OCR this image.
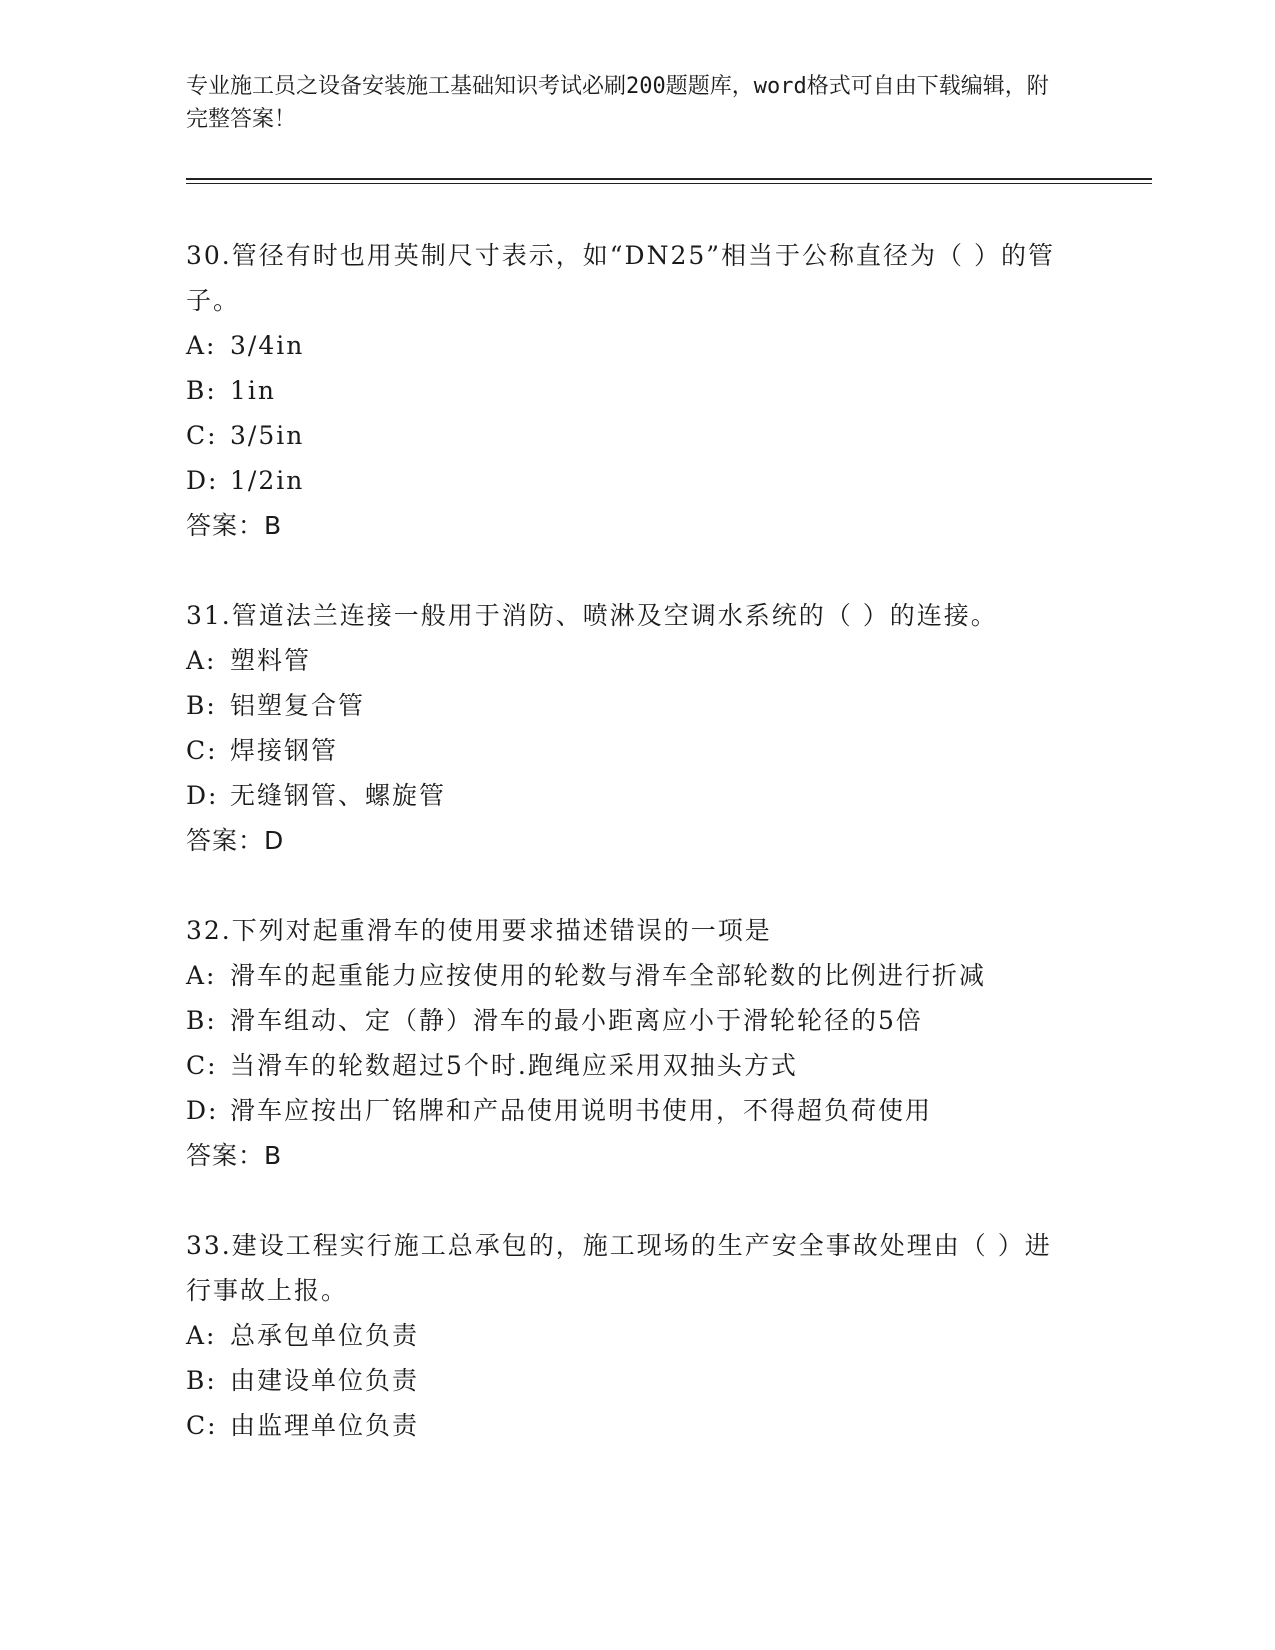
专业施工员之设备安装施工基础知识考试必刷200题题库，word格式可自由下载编辑，附完整答案！

30.管径有时也用英制尺寸表示，如“DN25”相当于公称直径为（ ）的管子。

A: 3/4in

B: 1in

C: 3/5in

D: 1/2in

答案：B

31.管道法兰连接一般用于消防、喷淋及空调水系统的（ ）的连接。

A: 塑料管

B: 铝塑复合管

C: 焊接钢管

D: 无缝钢管、螺旋管

答案：D

32.下列对起重滑车的使用要求描述错误的一项是

A: 滑车的起重能力应按使用的轮数与滑车全部轮数的比例进行折减

B: 滑车组动、定（静）滑车的最小距离应小于滑轮轮径的5倍

C: 当滑车的轮数超过5个时.跑绳应采用双抽头方式

D: 滑车应按出厂铭牌和产品使用说明书使用，不得超负荷使用

答案：B

33.建设工程实行施工总承包的，施工现场的生产安全事故处理由（ ）进行事故上报。

A: 总承包单位负责

B: 由建设单位负责

C: 由监理单位负责
